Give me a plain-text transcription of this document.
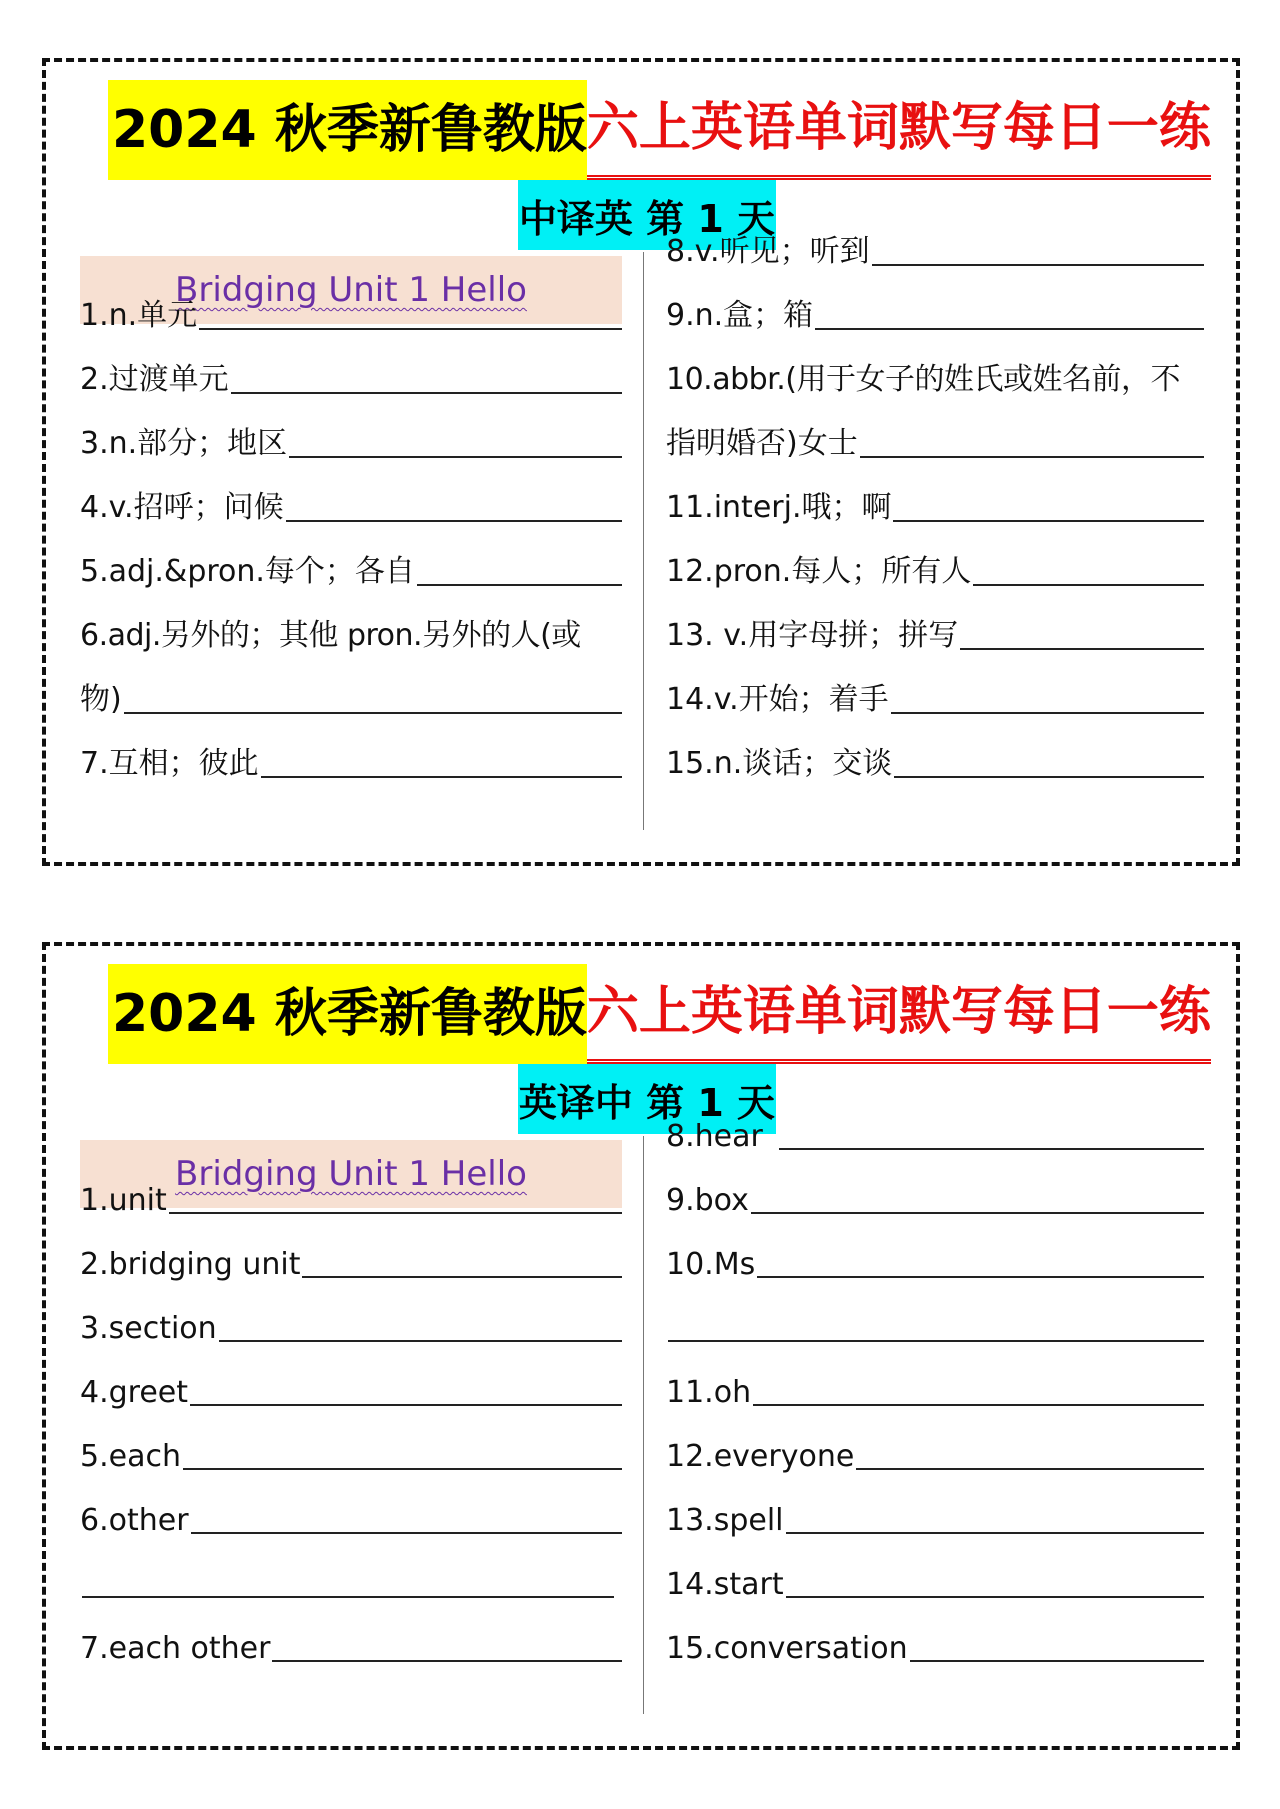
2024 秋季新鲁教版 六上英语单词默写每日一练
中译英 第 1 天
Bridging Unit 1 Hello
1.n.单元
2.过渡单元
3.n.部分；地区
4.v.招呼；问候
5.adj.&pron.每个；各自
6.adj.另外的；其他 pron.另外的人(或
物)
7.互相；彼此
8.v.听见；听到
9.n.盒；箱
10.abbr.(用于女子的姓氏或姓名前，不
指明婚否)女士
11.interj.哦；啊
12.pron.每人；所有人
13. v.用字母拼；拼写
14.v.开始；着手
15.n.谈话；交谈
2024 秋季新鲁教版 六上英语单词默写每日一练
英译中 第 1 天
Bridging Unit 1 Hello
1.unit
2.bridging unit
3.section
4.greet
5.each
6.other
7.each other
8.hear
9.box
10.Ms
11.oh
12.everyone
13.spell
14.start
15.conversation
